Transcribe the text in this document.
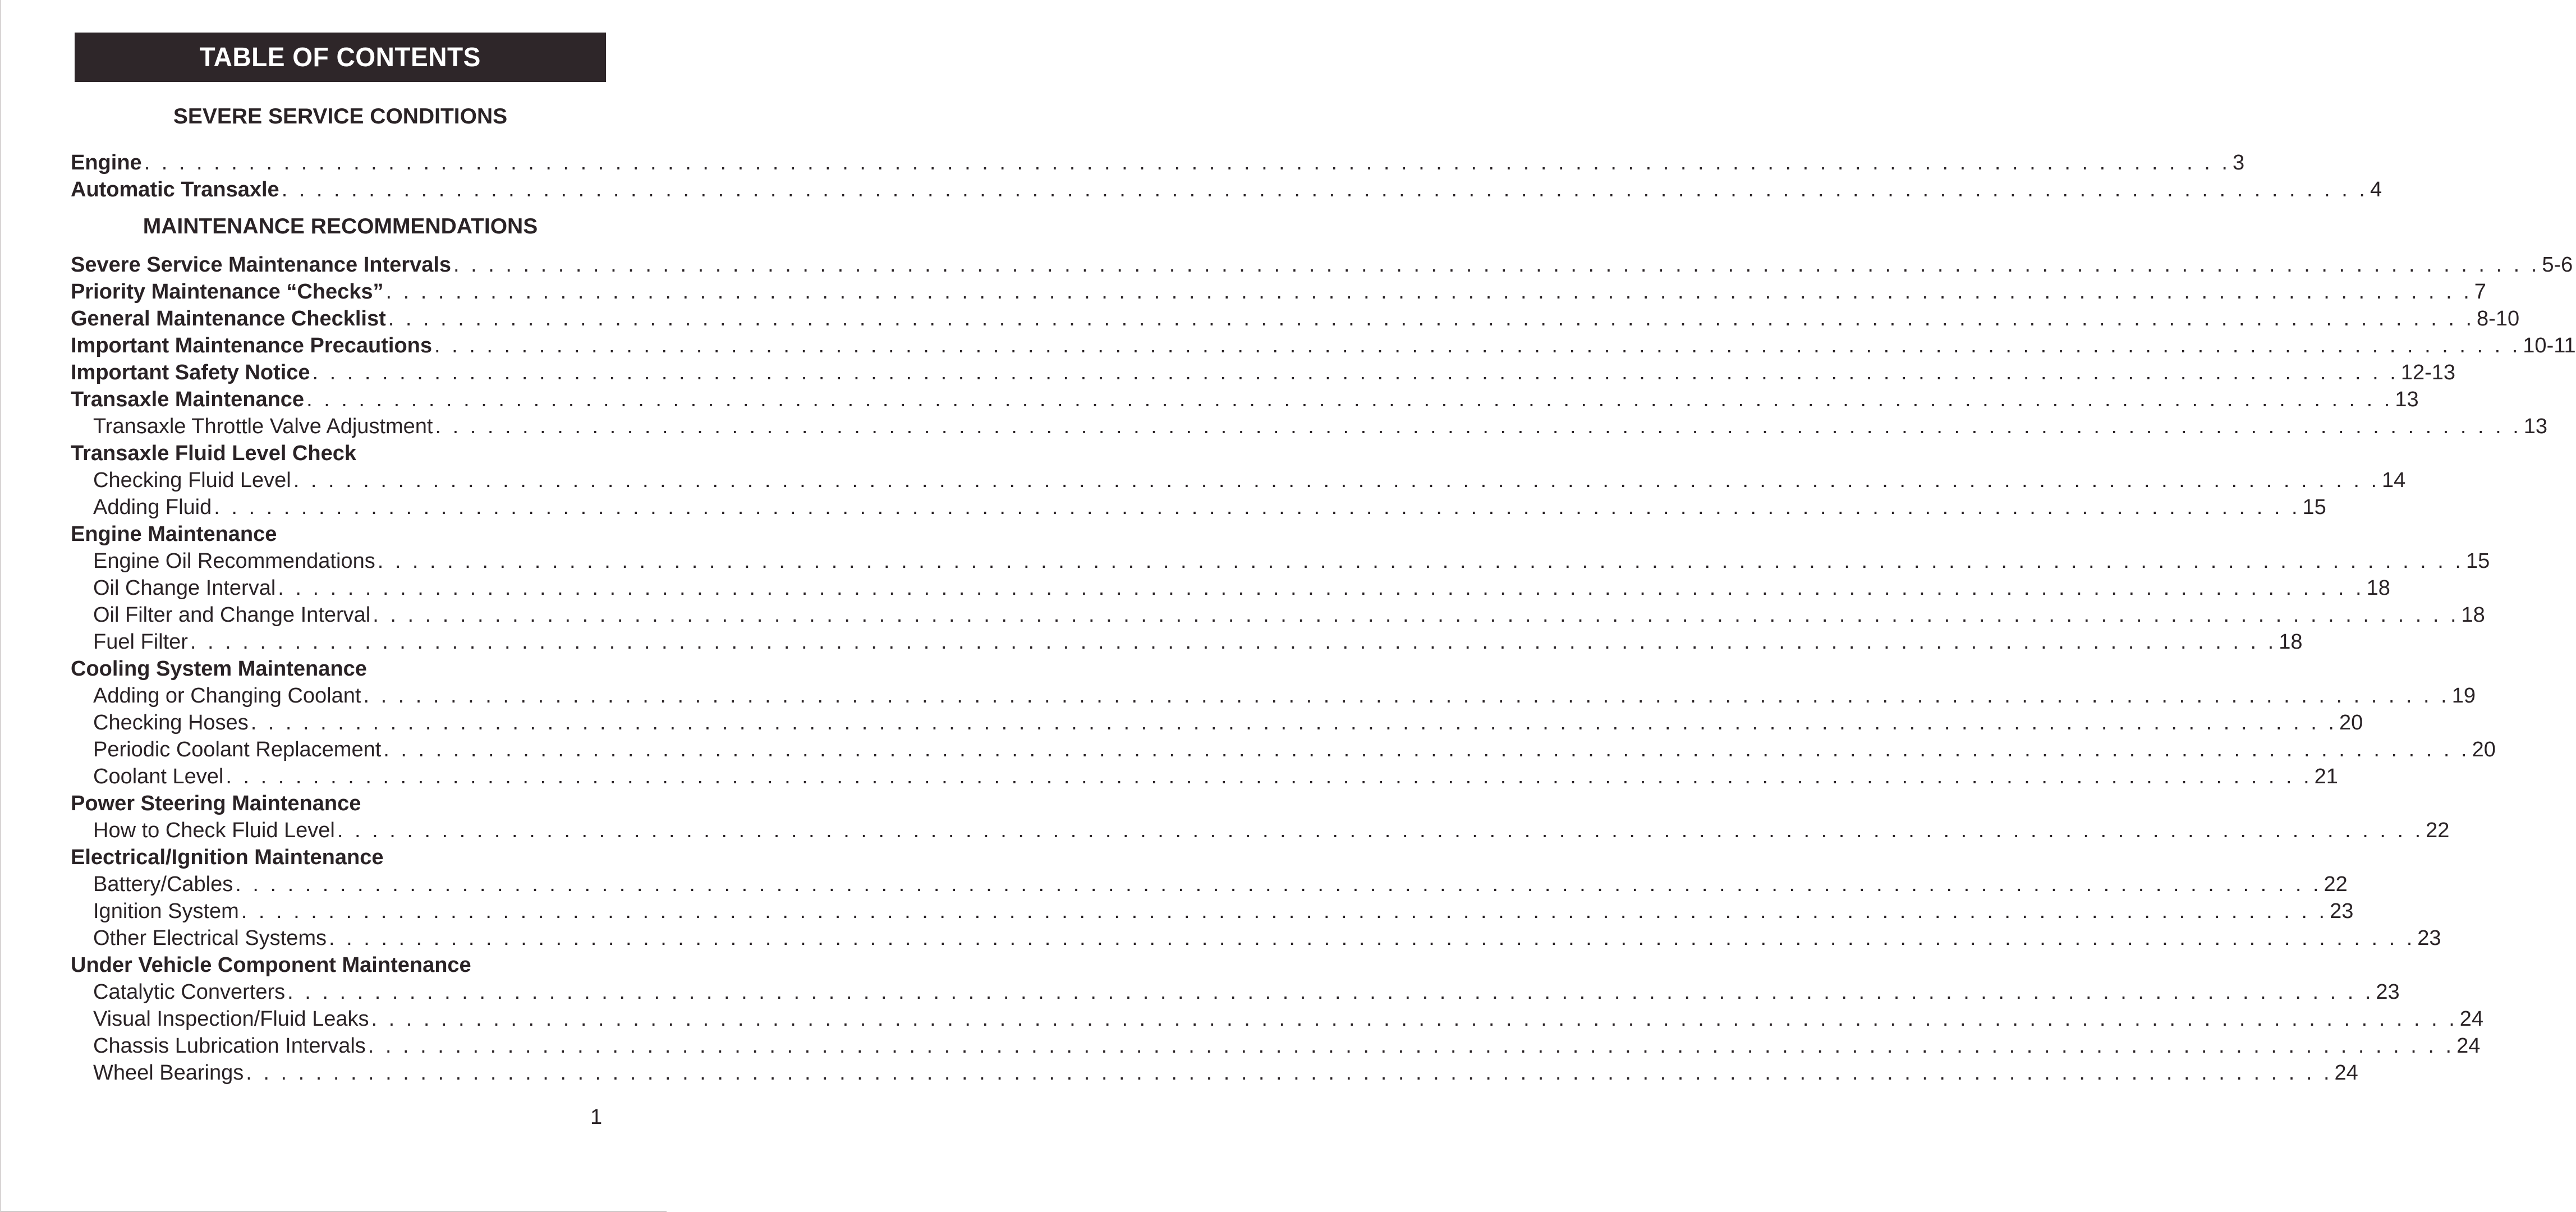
TABLE OF CONTENTS
SEVERE SERVICE CONDITIONS
MAINTENANCE RECOMMENDATIONS
Engine . . . . . . . . . . . . . . . . . . . . . . . . . . . . . . . . . . . . . . . . . . . . . . . . . . . . . . . . . . . . . . . . . . . . . . . . . . . . . . . . . . . . . . . . . . . . . . . . . . . . . . . . . . . . . . . . . . . . . . . . 3
Automatic Transaxle . . . . . . . . . . . . . . . . . . . . . . . . . . . . . . . . . . . . . . . . . . . . . . . . . . . . . . . . . . . . . . . . . . . . . . . . . . . . . . . . . . . . . . . . . . . . . . . . . . . . . . . . . . . . . . . . . . . . . . . . 4
Severe Service Maintenance Intervals . . . . . . . . . . . . . . . . . . . . . . . . . . . . . . . . . . . . . . . . . . . . . . . . . . . . . . . . . . . . . . . . . . . . . . . . . . . . . . . . . . . . . . . . . . . . . . . . . . . . . . . . . . . . . . . . . . . . . . . . 5-6
Priority Maintenance “Checks” . . . . . . . . . . . . . . . . . . . . . . . . . . . . . . . . . . . . . . . . . . . . . . . . . . . . . . . . . . . . . . . . . . . . . . . . . . . . . . . . . . . . . . . . . . . . . . . . . . . . . . . . . . . . . . . . . . . . . . . . 7
General Maintenance Checklist . . . . . . . . . . . . . . . . . . . . . . . . . . . . . . . . . . . . . . . . . . . . . . . . . . . . . . . . . . . . . . . . . . . . . . . . . . . . . . . . . . . . . . . . . . . . . . . . . . . . . . . . . . . . . . . . . . . . . . . . 8-10
Important Maintenance Precautions . . . . . . . . . . . . . . . . . . . . . . . . . . . . . . . . . . . . . . . . . . . . . . . . . . . . . . . . . . . . . . . . . . . . . . . . . . . . . . . . . . . . . . . . . . . . . . . . . . . . . . . . . . . . . . . . . . . . . . . . 10-11
Important Safety Notice . . . . . . . . . . . . . . . . . . . . . . . . . . . . . . . . . . . . . . . . . . . . . . . . . . . . . . . . . . . . . . . . . . . . . . . . . . . . . . . . . . . . . . . . . . . . . . . . . . . . . . . . . . . . . . . . . . . . . . . . 12-13
Transaxle Maintenance . . . . . . . . . . . . . . . . . . . . . . . . . . . . . . . . . . . . . . . . . . . . . . . . . . . . . . . . . . . . . . . . . . . . . . . . . . . . . . . . . . . . . . . . . . . . . . . . . . . . . . . . . . . . . . . . . . . . . . . . 13
Transaxle Throttle Valve Adjustment . . . . . . . . . . . . . . . . . . . . . . . . . . . . . . . . . . . . . . . . . . . . . . . . . . . . . . . . . . . . . . . . . . . . . . . . . . . . . . . . . . . . . . . . . . . . . . . . . . . . . . . . . . . . . . . . . . . . . . . . 13
Transaxle Fluid Level Check
Checking Fluid Level . . . . . . . . . . . . . . . . . . . . . . . . . . . . . . . . . . . . . . . . . . . . . . . . . . . . . . . . . . . . . . . . . . . . . . . . . . . . . . . . . . . . . . . . . . . . . . . . . . . . . . . . . . . . . . . . . . . . . . . . 14
Adding Fluid . . . . . . . . . . . . . . . . . . . . . . . . . . . . . . . . . . . . . . . . . . . . . . . . . . . . . . . . . . . . . . . . . . . . . . . . . . . . . . . . . . . . . . . . . . . . . . . . . . . . . . . . . . . . . . . . . . . . . . . . 15
Engine Maintenance
Engine Oil Recommendations . . . . . . . . . . . . . . . . . . . . . . . . . . . . . . . . . . . . . . . . . . . . . . . . . . . . . . . . . . . . . . . . . . . . . . . . . . . . . . . . . . . . . . . . . . . . . . . . . . . . . . . . . . . . . . . . . . . . . . . . 15
Oil Change Interval . . . . . . . . . . . . . . . . . . . . . . . . . . . . . . . . . . . . . . . . . . . . . . . . . . . . . . . . . . . . . . . . . . . . . . . . . . . . . . . . . . . . . . . . . . . . . . . . . . . . . . . . . . . . . . . . . . . . . . . . 18
Oil Filter and Change Interval . . . . . . . . . . . . . . . . . . . . . . . . . . . . . . . . . . . . . . . . . . . . . . . . . . . . . . . . . . . . . . . . . . . . . . . . . . . . . . . . . . . . . . . . . . . . . . . . . . . . . . . . . . . . . . . . . . . . . . . . 18
Fuel Filter . . . . . . . . . . . . . . . . . . . . . . . . . . . . . . . . . . . . . . . . . . . . . . . . . . . . . . . . . . . . . . . . . . . . . . . . . . . . . . . . . . . . . . . . . . . . . . . . . . . . . . . . . . . . . . . . . . . . . . . . 18
Cooling System Maintenance
Adding or Changing Coolant . . . . . . . . . . . . . . . . . . . . . . . . . . . . . . . . . . . . . . . . . . . . . . . . . . . . . . . . . . . . . . . . . . . . . . . . . . . . . . . . . . . . . . . . . . . . . . . . . . . . . . . . . . . . . . . . . . . . . . . . 19
Checking Hoses . . . . . . . . . . . . . . . . . . . . . . . . . . . . . . . . . . . . . . . . . . . . . . . . . . . . . . . . . . . . . . . . . . . . . . . . . . . . . . . . . . . . . . . . . . . . . . . . . . . . . . . . . . . . . . . . . . . . . . . . 20
Periodic Coolant Replacement . . . . . . . . . . . . . . . . . . . . . . . . . . . . . . . . . . . . . . . . . . . . . . . . . . . . . . . . . . . . . . . . . . . . . . . . . . . . . . . . . . . . . . . . . . . . . . . . . . . . . . . . . . . . . . . . . . . . . . . . 20
Coolant Level . . . . . . . . . . . . . . . . . . . . . . . . . . . . . . . . . . . . . . . . . . . . . . . . . . . . . . . . . . . . . . . . . . . . . . . . . . . . . . . . . . . . . . . . . . . . . . . . . . . . . . . . . . . . . . . . . . . . . . . . 21
Power Steering Maintenance
How to Check Fluid Level . . . . . . . . . . . . . . . . . . . . . . . . . . . . . . . . . . . . . . . . . . . . . . . . . . . . . . . . . . . . . . . . . . . . . . . . . . . . . . . . . . . . . . . . . . . . . . . . . . . . . . . . . . . . . . . . . . . . . . . . 22
Electrical/Ignition Maintenance
Battery/Cables . . . . . . . . . . . . . . . . . . . . . . . . . . . . . . . . . . . . . . . . . . . . . . . . . . . . . . . . . . . . . . . . . . . . . . . . . . . . . . . . . . . . . . . . . . . . . . . . . . . . . . . . . . . . . . . . . . . . . . . . 22
Ignition System . . . . . . . . . . . . . . . . . . . . . . . . . . . . . . . . . . . . . . . . . . . . . . . . . . . . . . . . . . . . . . . . . . . . . . . . . . . . . . . . . . . . . . . . . . . . . . . . . . . . . . . . . . . . . . . . . . . . . . . . 23
Other Electrical Systems . . . . . . . . . . . . . . . . . . . . . . . . . . . . . . . . . . . . . . . . . . . . . . . . . . . . . . . . . . . . . . . . . . . . . . . . . . . . . . . . . . . . . . . . . . . . . . . . . . . . . . . . . . . . . . . . . . . . . . . . 23
Under Vehicle Component Maintenance
Catalytic Converters . . . . . . . . . . . . . . . . . . . . . . . . . . . . . . . . . . . . . . . . . . . . . . . . . . . . . . . . . . . . . . . . . . . . . . . . . . . . . . . . . . . . . . . . . . . . . . . . . . . . . . . . . . . . . . . . . . . . . . . . 23
Visual Inspection/Fluid Leaks . . . . . . . . . . . . . . . . . . . . . . . . . . . . . . . . . . . . . . . . . . . . . . . . . . . . . . . . . . . . . . . . . . . . . . . . . . . . . . . . . . . . . . . . . . . . . . . . . . . . . . . . . . . . . . . . . . . . . . . . 24
Chassis Lubrication Intervals . . . . . . . . . . . . . . . . . . . . . . . . . . . . . . . . . . . . . . . . . . . . . . . . . . . . . . . . . . . . . . . . . . . . . . . . . . . . . . . . . . . . . . . . . . . . . . . . . . . . . . . . . . . . . . . . . . . . . . . . 24
Wheel Bearings . . . . . . . . . . . . . . . . . . . . . . . . . . . . . . . . . . . . . . . . . . . . . . . . . . . . . . . . . . . . . . . . . . . . . . . . . . . . . . . . . . . . . . . . . . . . . . . . . . . . . . . . . . . . . . . . . . . . . . . . 24
1
